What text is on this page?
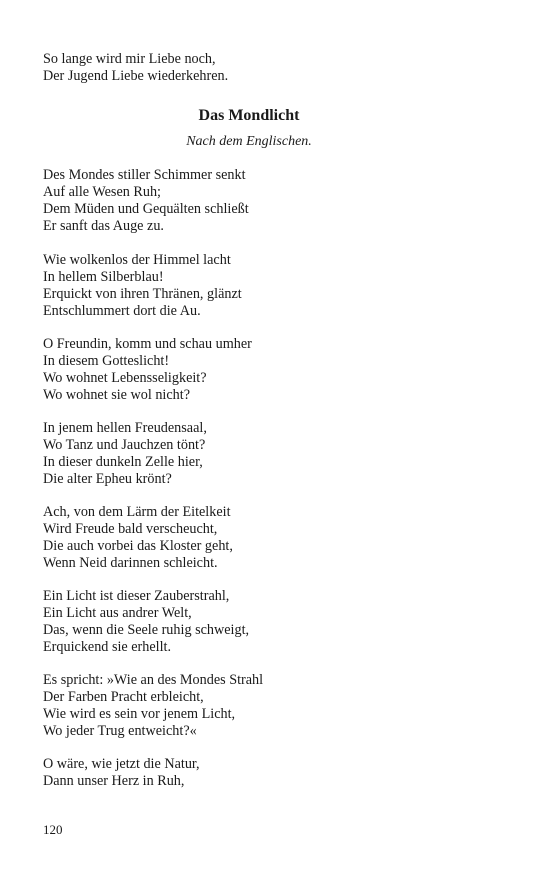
So lange wird mir Liebe noch,
Der Jugend Liebe wiederkehren.
Das Mondlicht
Nach dem Englischen.
Des Mondes stiller Schimmer senkt
Auf alle Wesen Ruh;
Dem Müden und Gequälten schließt
Er sanft das Auge zu.
Wie wolkenlos der Himmel lacht
In hellem Silberblau!
Erquickt von ihren Thränen, glänzt
Entschlummert dort die Au.
O Freundin, komm und schau umher
In diesem Gotteslicht!
Wo wohnet Lebensseligkeit?
Wo wohnet sie wol nicht?
In jenem hellen Freudensaal,
Wo Tanz und Jauchzen tönt?
In dieser dunkeln Zelle hier,
Die alter Epheu krönt?
Ach, von dem Lärm der Eitelkeit
Wird Freude bald verscheucht,
Die auch vorbei das Kloster geht,
Wenn Neid darinnen schleicht.
Ein Licht ist dieser Zauberstrahl,
Ein Licht aus andrer Welt,
Das, wenn die Seele ruhig schweigt,
Erquickend sie erhellt.
Es spricht: »Wie an des Mondes Strahl
Der Farben Pracht erbleicht,
Wie wird es sein vor jenem Licht,
Wo jeder Trug entweicht?«
O wäre, wie jetzt die Natur,
Dann unser Herz in Ruh,
120
